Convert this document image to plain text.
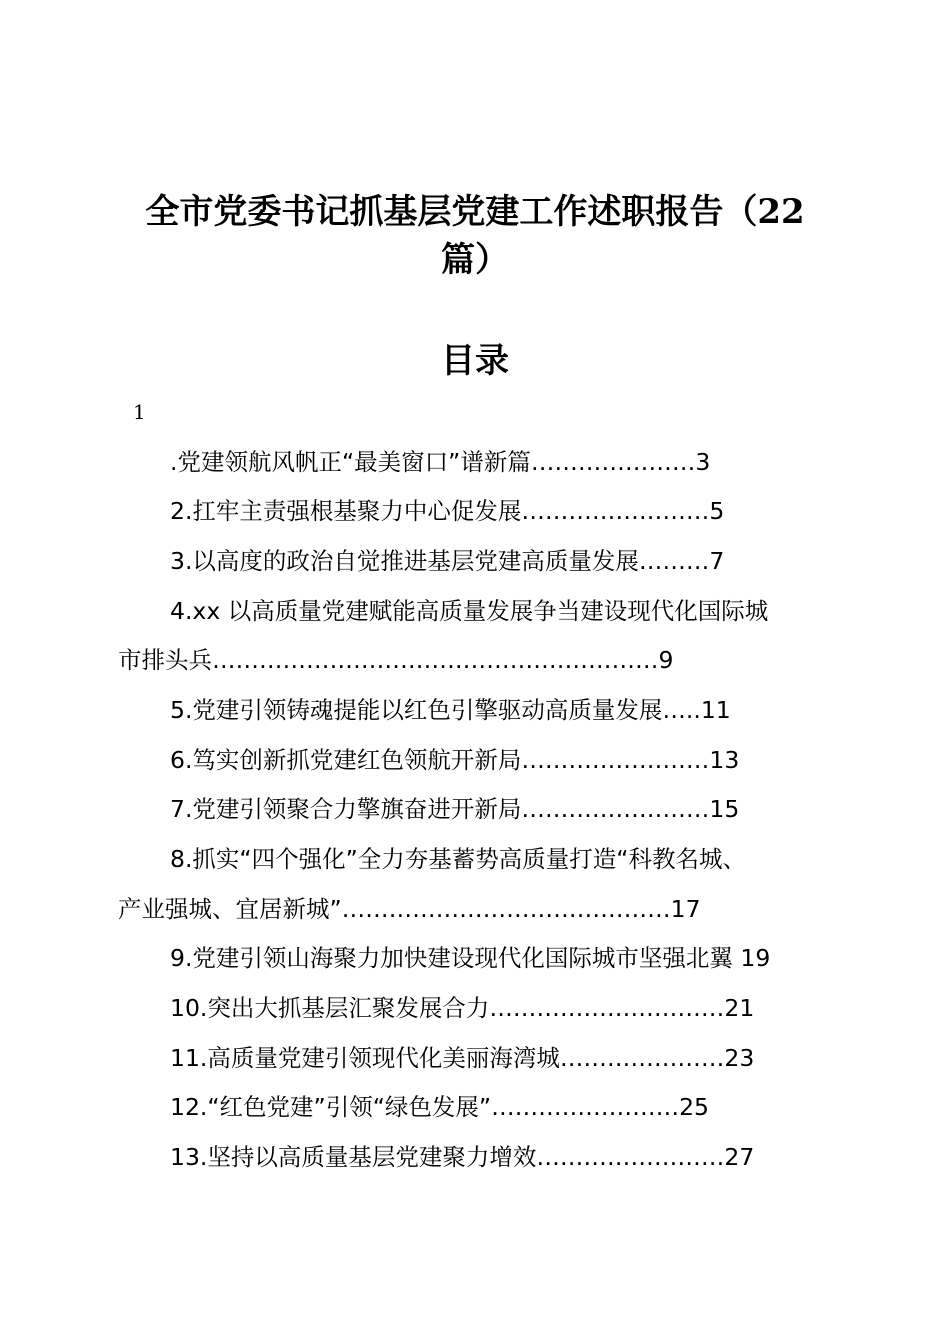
全市党委书记抓基层党建工作述职报告（22
篇）
目录
1
.党建领航风帆正“最美窗口”谱新篇…………………3
2.扛牢主责强根基聚力中心促发展……………………5
3.以高度的政治自觉推进基层党建高质量发展………7
4.xx 以高质量党建赋能高质量发展争当建设现代化国际城
市排头兵…………………………………………………9
5.党建引领铸魂提能以红色引擎驱动高质量发展…..11
6.笃实创新抓党建红色领航开新局……………………13
7.党建引领聚合力擎旗奋进开新局……………………15
8.抓实“四个强化”全力夯基蓄势高质量打造“科教名城、
产业强城、宜居新城”……………………………………17
9.党建引领山海聚力加快建设现代化国际城市坚强北翼 19
10.突出大抓基层汇聚发展合力…………………………21
11.高质量党建引领现代化美丽海湾城…………………23
12.“红色党建”引领“绿色发展”……………………25
13.坚持以高质量基层党建聚力增效……………………27
